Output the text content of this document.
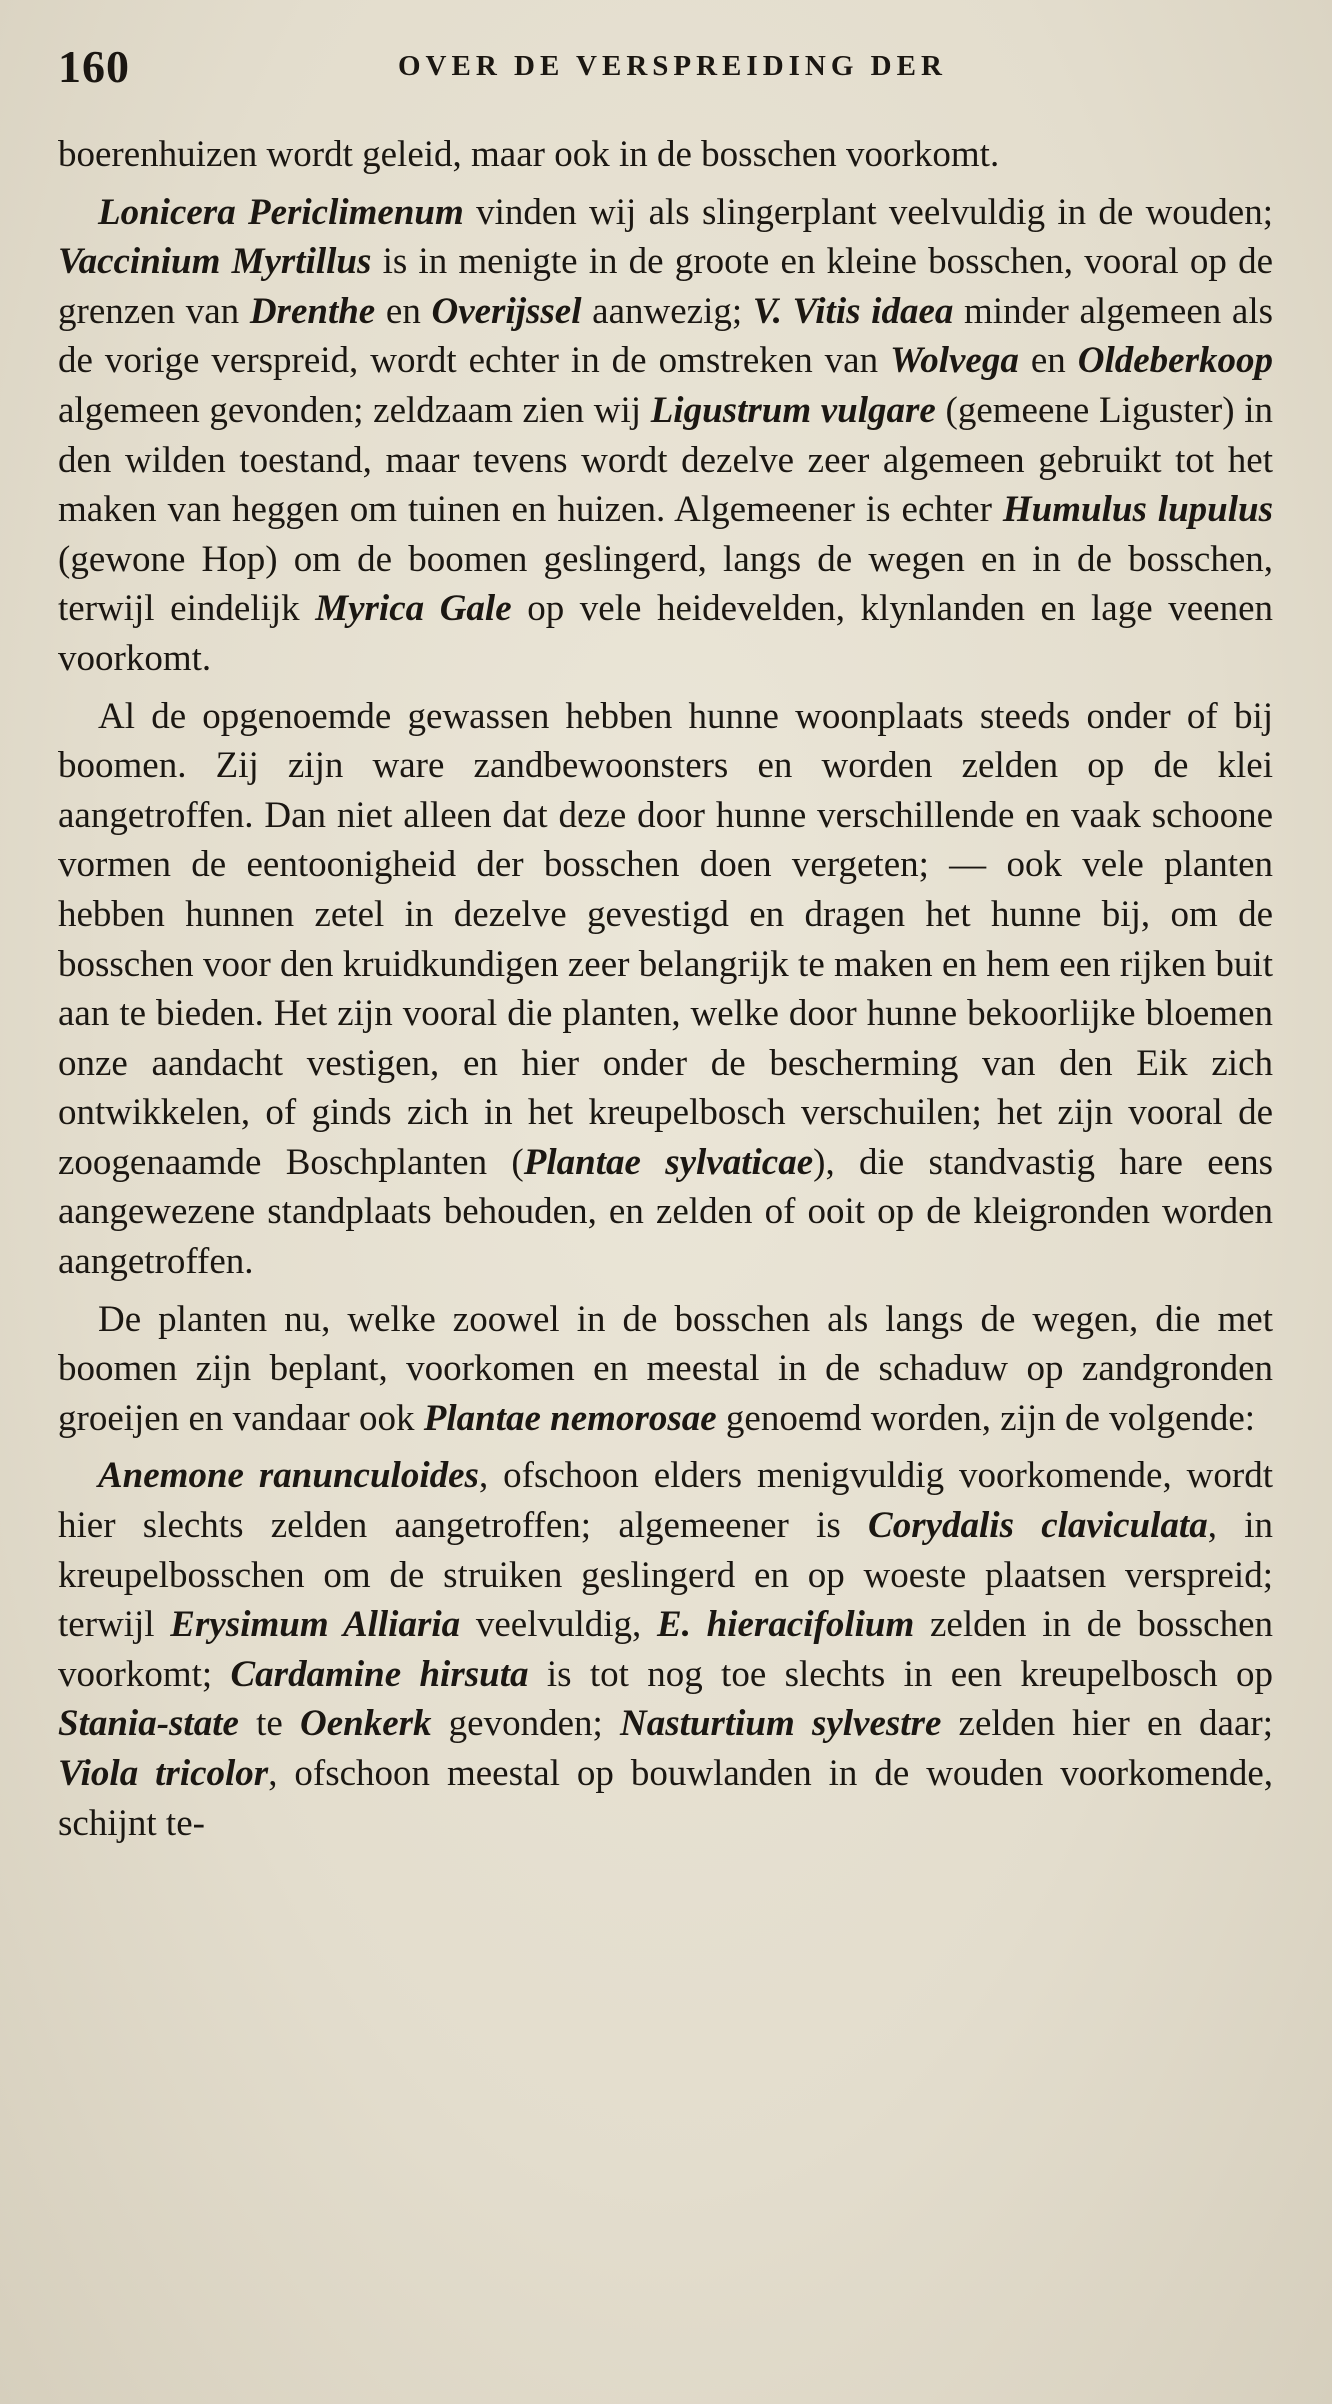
160	OVER DE VERSPREIDING DER

boerenhuizen wordt geleid, maar ook in de bosschen voorkomt.

Lonicera Periclimenum vinden wij als slingerplant veelvuldig in de wouden; Vaccinium Myrtillus is in menigte in de groote en kleine bosschen, vooral op de grenzen van Drenthe en Overijssel aanwezig; V. Vitis idaea minder algemeen als de vorige verspreid, wordt echter in de omstreken van Wolvega en Oldeberkoop algemeen gevonden; zeldzaam zien wij Ligustrum vulgare (gemeene Liguster) in den wilden toestand, maar tevens wordt dezelve zeer algemeen gebruikt tot het maken van heggen om tuinen en huizen. Algemeener is echter Humulus lupulus (gewone Hop) om de boomen geslingerd, langs de wegen en in de bosschen, terwijl eindelijk Myrica Gale op vele heidevelden, klynlanden en lage veenen voorkomt.

Al de opgenoemde gewassen hebben hunne woonplaats steeds onder of bij boomen. Zij zijn ware zandbewoonsters en worden zelden op de klei aangetroffen. Dan niet alleen dat deze door hunne verschillende en vaak schoone vormen de eentoonigheid der bosschen doen vergeten; — ook vele planten hebben hunnen zetel in dezelve gevestigd en dragen het hunne bij, om de bosschen voor den kruidkundigen zeer belangrijk te maken en hem een rijken buit aan te bieden. Het zijn vooral die planten, welke door hunne bekoorlijke bloemen onze aandacht vestigen, en hier onder de bescherming van den Eik zich ontwikkelen, of ginds zich in het kreupelbosch verschuilen; het zijn vooral de zoogenaamde Boschplanten (Plantae sylvaticae), die standvastig hare eens aangewezene standplaats behouden, en zelden of ooit op de kleigronden worden aangetroffen.

De planten nu, welke zoowel in de bosschen als langs de wegen, die met boomen zijn beplant, voorkomen en meestal in de schaduw op zandgronden groeijen en vandaar ook Plantae nemorosae genoemd worden, zijn de volgende:

Anemone ranunculoides, ofschoon elders menigvuldig voorkomende, wordt hier slechts zelden aangetroffen; algemeener is Corydalis claviculata, in kreupelbosschen om de struiken geslingerd en op woeste plaatsen verspreid; terwijl Erysimum Alliaria veelvuldig, E. hieracifolium zelden in de bosschen voorkomt; Cardamine hirsuta is tot nog toe slechts in een kreupelbosch op Stania-state te Oenkerk gevonden; Nasturtium sylvestre zelden hier en daar; Viola tricolor, ofschoon meestal op bouwlanden in de wouden voorkomende, schijnt te-
